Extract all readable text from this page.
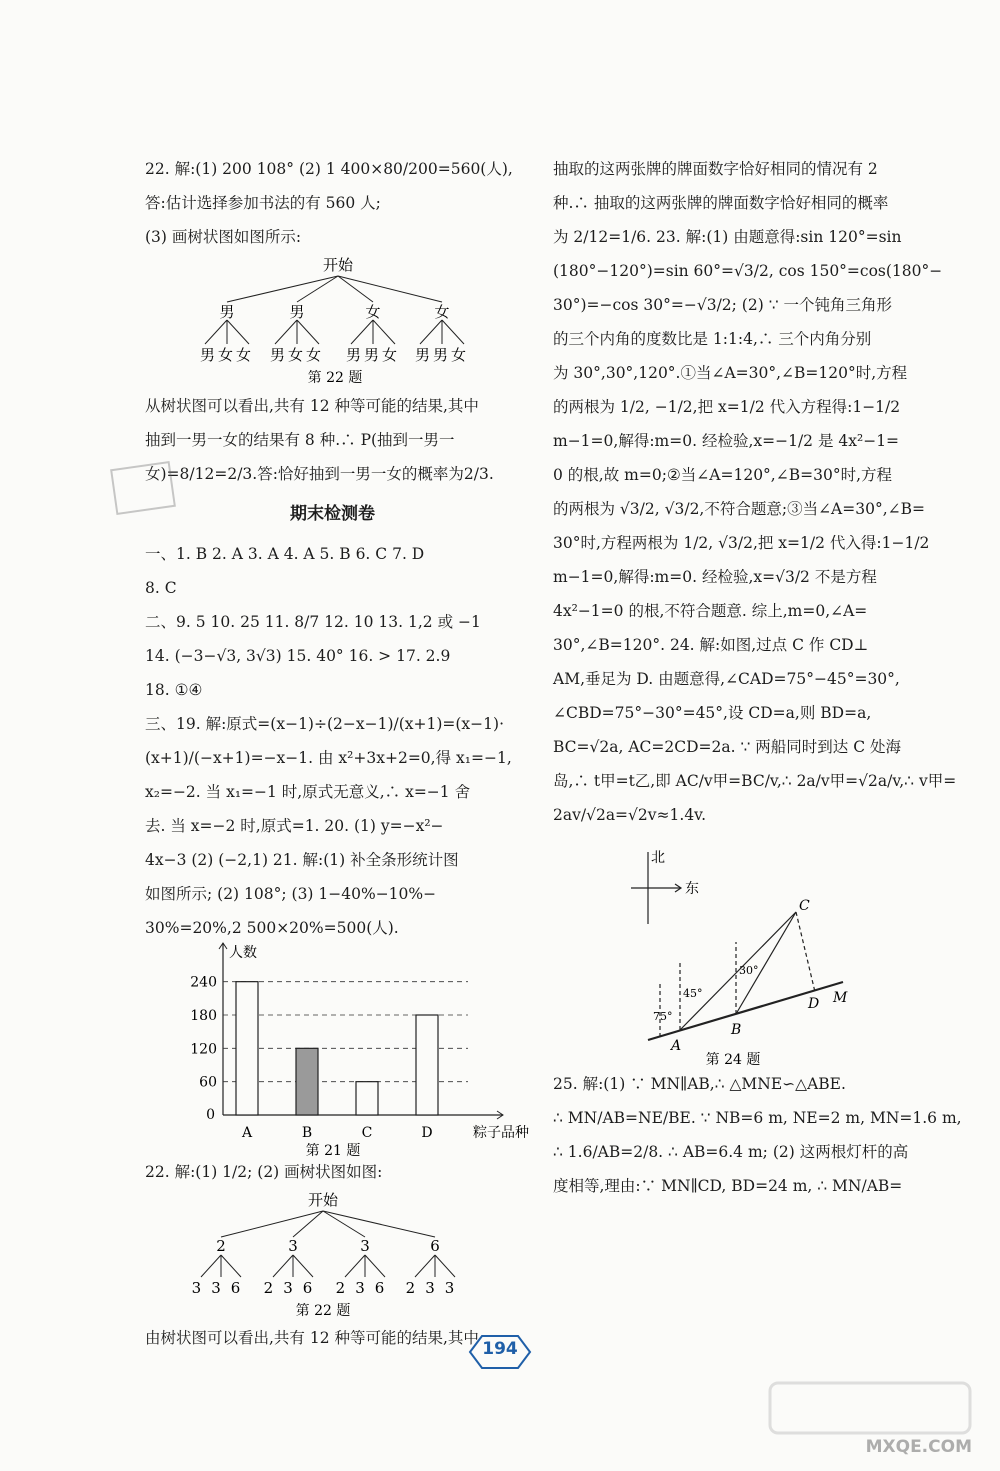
22. 解:(1) 200 108° (2) 1 400×80/200=560(人),
答:估计选择参加书法的有 560 人;
(3) 画树状图如图所示:
开始
男	男	女	女
男女女 男女女 男男女 男男女
第 22 题
从树状图可以看出,共有 12 种等可能的结果,其中
抽到一男一女的结果有 8 种.∴ P(抽到一男一
女)=8/12=2/3.答:恰好抽到一男一女的概率为2/3.
期末检测卷
一、1. B 2. A 3. A 4. A 5. B 6. C 7. D
8. C
二、9. 5 10. 25 11. 8/7 12. 10 13. 1,2 或 −1
14. (−3−√3, 3√3) 15. 40° 16. > 17. 2.9
18. ①④
三、19. 解:原式=(x−1)÷(2−x−1)/(x+1)=(x−1)·
(x+1)/(−x+1)=−x−1. 由 x²+3x+2=0,得 x₁=−1,
x₂=−2. 当 x₁=−1 时,原式无意义,∴ x=−1 舍
去. 当 x=−2 时,原式=1. 20. (1) y=−x²−
4x−3 (2) (−2,1) 21. 解:(1) 补全条形统计图
如图所示; (2) 108°; (3) 1−40%−10%−
30%=20%,2 500×20%=500(人).
人数
粽子品种
0
60
120
180
240
A	B	C	D
第 21 题
22. 解:(1) 1/2; (2) 画树状图如图:
开始
2	3	3	6
336 236 236 233
第 22 题
由树状图可以看出,共有 12 种等可能的结果,其中
抽取的这两张牌的牌面数字恰好相同的情况有 2
种.∴ 抽取的这两张牌的牌面数字恰好相同的概率
为 2/12=1/6. 23. 解:(1) 由题意得:sin 120°=sin
(180°−120°)=sin 60°=√3/2, cos 150°=cos(180°−
30°)=−cos 30°=−√3/2; (2) ∵ 一个钝角三角形
的三个内角的度数比是 1:1:4,∴ 三个内角分别
为 30°,30°,120°.①当∠A=30°,∠B=120°时,方程
的两根为 1/2, −1/2,把 x=1/2 代入方程得:1−1/2
m−1=0,解得:m=0. 经检验,x=−1/2 是 4x²−1=
0 的根,故 m=0;②当∠A=120°,∠B=30°时,方程
的两根为 √3/2, √3/2,不符合题意;③当∠A=30°,∠B=
30°时,方程两根为 1/2, √3/2,把 x=1/2 代入得:1−1/2
m−1=0,解得:m=0. 经检验,x=√3/2 不是方程
4x²−1=0 的根,不符合题意. 综上,m=0,∠A=
30°,∠B=120°. 24. 解:如图,过点 C 作 CD⊥
AM,垂足为 D. 由题意得,∠CAD=75°−45°=30°,
∠CBD=75°−30°=45°,设 CD=a,则 BD=a,
BC=√2a, AC=2CD=2a. ∵ 两船同时到达 C 处海
岛,∴ t甲=t乙,即 AC/v甲=BC/v,∴ 2a/v甲=√2a/v,∴ v甲=
2av/√2a=√2v≈1.4v.
北
东
75°
45°
30°
A
B
C
D M
第 24 题
25. 解:(1) ∵ MN∥AB,∴ △MNE∽△ABE.
∴ MN/AB=NE/BE. ∵ NB=6 m, NE=2 m, MN=1.6 m,
∴ 1.6/AB=2/8. ∴ AB=6.4 m; (2) 这两根灯杆的高
度相等,理由:∵ MN∥CD, BD=24 m, ∴ MN/AB=
194
MXQE.COM
